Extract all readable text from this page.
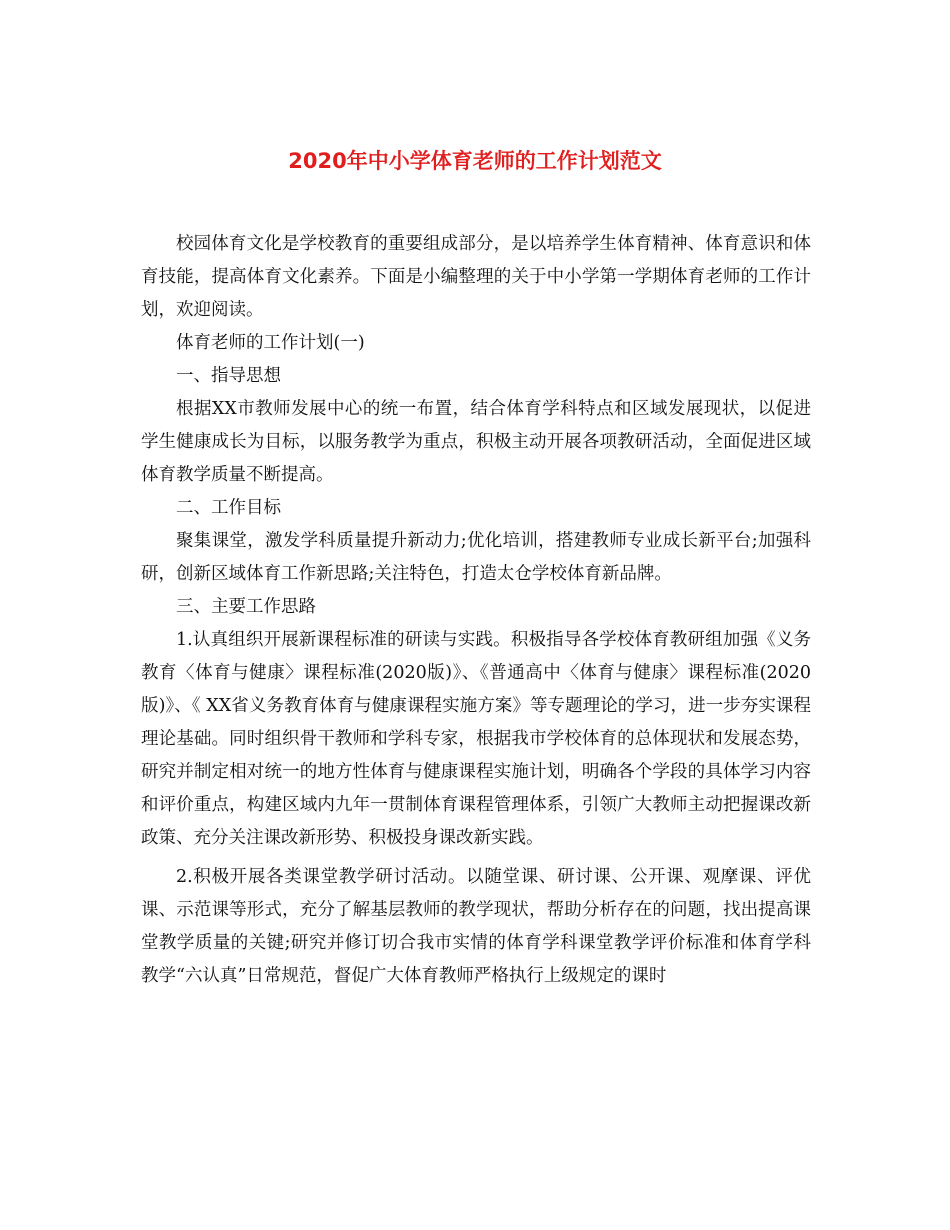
2020年中小学体育老师的工作计划范文

校园体育文化是学校教育的重要组成部分，是以培养学生体育精神、体育意识和体育技能，提高体育文化素养。下面是小编整理的关于中小学第一学期体育老师的工作计划，欢迎阅读。

体育老师的工作计划(一)

一、指导思想

根据XX市教师发展中心的统一布置，结合体育学科特点和区域发展现状，以促进学生健康成长为目标，以服务教学为重点，积极主动开展各项教研活动，全面促进区域体育教学质量不断提高。

二、工作目标

聚集课堂，激发学科质量提升新动力;优化培训，搭建教师专业成长新平台;加强科研，创新区域体育工作新思路;关注特色，打造太仓学校体育新品牌。

三、主要工作思路

1.认真组织开展新课程标准的研读与实践。积极指导各学校体育教研组加强《义务教育〈体育与健康〉课程标准(2020版)》、《普通高中〈体育与健康〉课程标准(2020版)》、《 XX省义务教育体育与健康课程实施方案》等专题理论的学习，进一步夯实课程理论基础。同时组织骨干教师和学科专家，根据我市学校体育的总体现状和发展态势，研究并制定相对统一的地方性体育与健康课程实施计划，明确各个学段的具体学习内容和评价重点，构建区域内九年一贯制体育课程管理体系，引领广大教师主动把握课改新政策、充分关注课改新形势、积极投身课改新实践。

2.积极开展各类课堂教学研讨活动。以随堂课、研讨课、公开课、观摩课、评优课、示范课等形式，充分了解基层教师的教学现状，帮助分析存在的问题，找出提高课堂教学质量的关键;研究并修订切合我市实情的体育学科课堂教学评价标准和体育学科教学“六认真”日常规范，督促广大体育教师严格执行上级规定的课时
